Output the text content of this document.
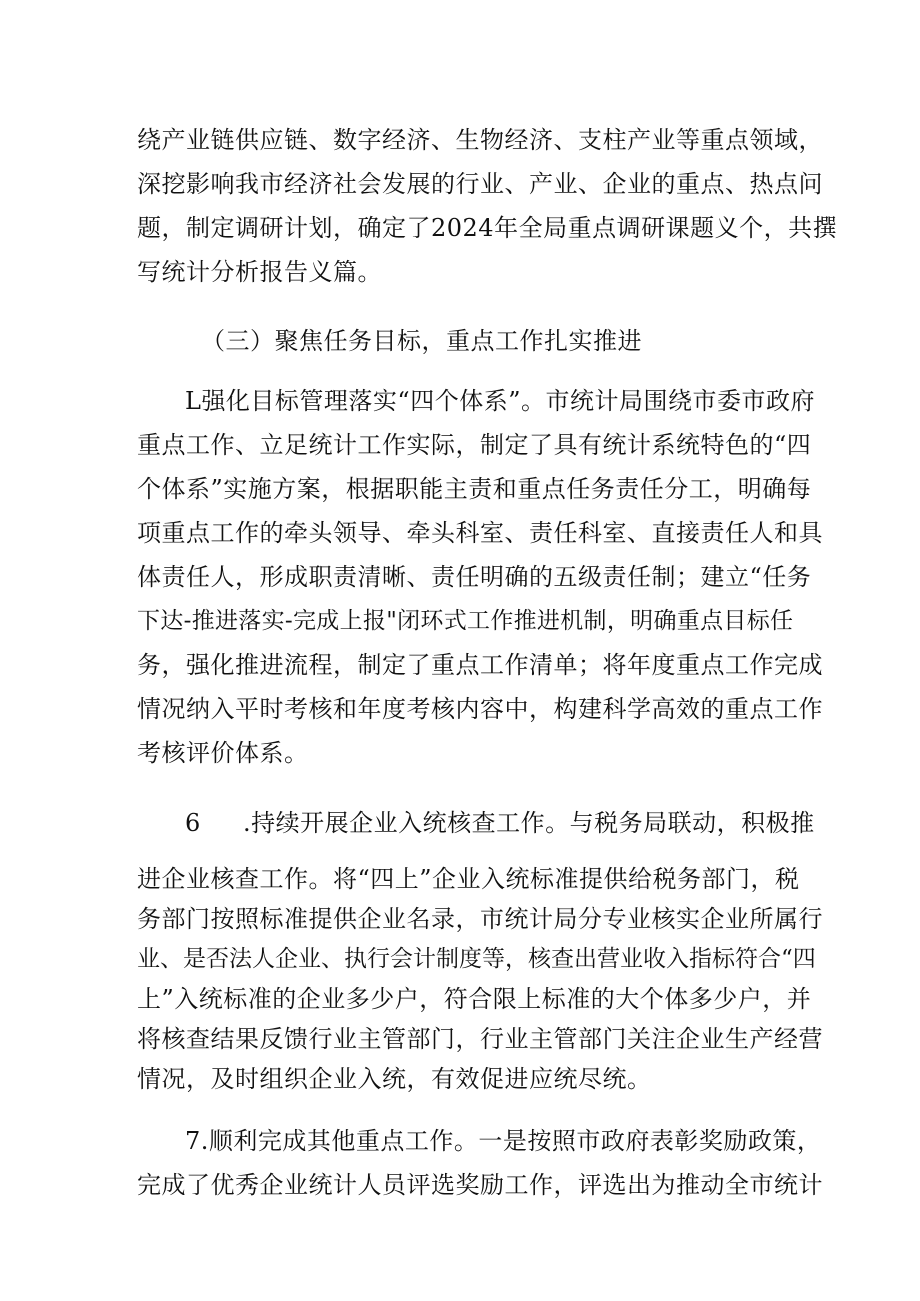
绕产业链供应链、数字经济、生物经济、支柱产业等重点领域，
深挖影响我市经济社会发展的行业、产业、企业的重点、热点问
题，制定调研计划，确定了2024年全局重点调研课题义个，共撰
写统计分析报告义篇。
（三）聚焦任务目标，重点工作扎实推进
L强化目标管理落实“四个体系”。市统计局围绕市委市政府
重点工作、立足统计工作实际，制定了具有统计系统特色的“四
个体系”实施方案，根据职能主责和重点任务责任分工，明确每
项重点工作的牵头领导、牵头科室、责任科室、直接责任人和具
体责任人，形成职责清晰、责任明确的五级责任制；建立“任务
下达-推进落实-完成上报"闭环式工作推进机制，明确重点目标任
务，强化推进流程，制定了重点工作清单；将年度重点工作完成
情况纳入平时考核和年度考核内容中，构建科学高效的重点工作
考核评价体系。
6 .持续开展企业入统核查工作。与税务局联动，积极推
进企业核查工作。将“四上”企业入统标准提供给税务部门，税
务部门按照标准提供企业名录，市统计局分专业核实企业所属行
业、是否法人企业、执行会计制度等，核查出营业收入指标符合“四
上”入统标准的企业多少户，符合限上标准的大个体多少户，并
将核查结果反馈行业主管部门，行业主管部门关注企业生产经营
情况，及时组织企业入统，有效促进应统尽统。
7.顺利完成其他重点工作。一是按照市政府表彰奖励政策，
完成了优秀企业统计人员评选奖励工作，评选出为推动全市统计
